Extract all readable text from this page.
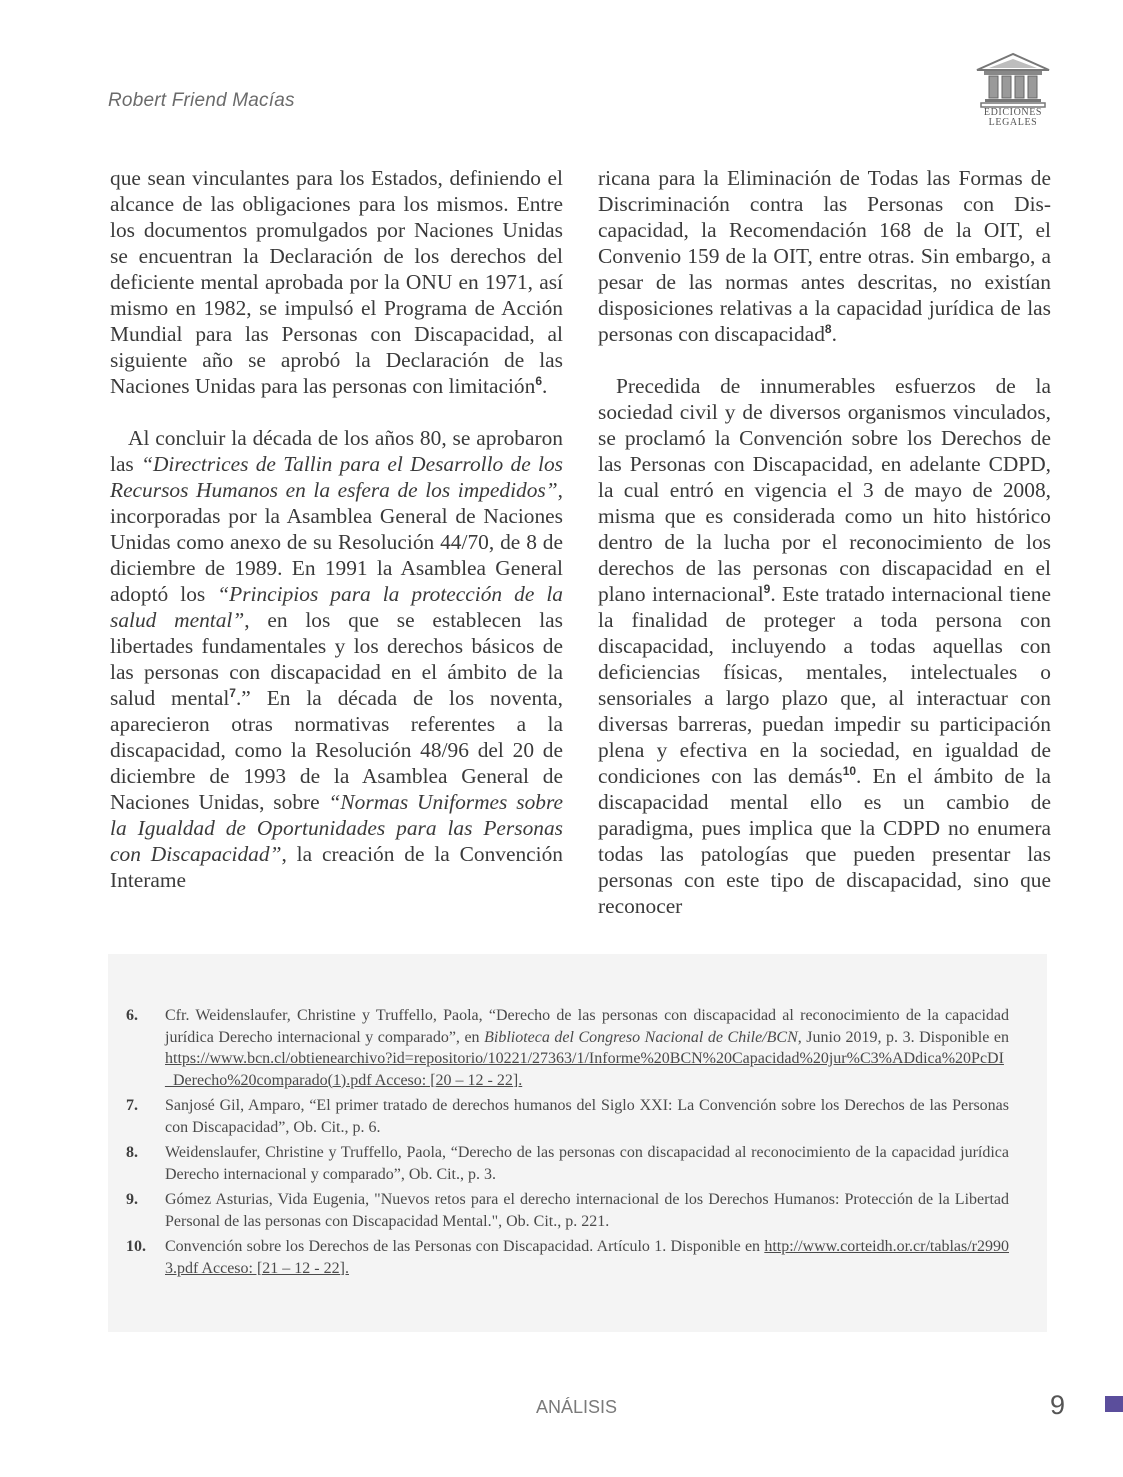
Robert Friend Macías
EDICIONES
LEGALES

que sean vinculantes para los Estados, definiendo el alcance de las obligaciones para los mismos. Entre los documentos promulgados por Naciones Unidas se encuentran la Declaración de los derechos del deficiente mental aprobada por la ONU en 1971, así mismo en 1982, se impulsó el Programa de Acción Mundial para las Personas con Discapacidad, al siguiente año se aprobó la Declaración de las Naciones Unidas para las personas con limitación$^6$.

Al concluir la década de los años 80, se aprobaron las “Directrices de Tallin para el Desarrollo de los Recursos Humanos en la esfera de los impedidos”, incorporadas por la Asamblea General de Naciones Unidas como anexo de su Resolución 44/70, de 8 de diciembre de 1989. En 1991 la Asamblea General adoptó los “Principios para la protección de la salud mental”, en los que se establecen las libertades fundamentales y los derechos básicos de las personas con discapacidad en el ámbito de la salud mental$^7$.” En la década de los noventa, aparecieron otras normativas referentes a la discapacidad, como la Resolución 48/96 del 20 de diciembre de 1993 de la Asamblea General de Naciones Unidas, sobre “Normas Uniformes sobre la Igualdad de Oportunidades para las Personas con Discapacidad”, la creación de la Convención Interame

ricana para la Eliminación de Todas las Formas de Discriminación contra las Personas con Discapacidad, la Recomendación 168 de la OIT, el Convenio 159 de la OIT, entre otras. Sin embargo, a pesar de las normas antes descritas, no existían disposiciones relativas a la capacidad jurídica de las personas con discapacidad$^8$.

Precedida de innumerables esfuerzos de la sociedad civil y de diversos organismos vinculados, se proclamó la Convención sobre los Derechos de las Personas con Discapacidad, en adelante CDPD, la cual entró en vigencia el 3 de mayo de 2008, misma que es considerada como un hito histórico dentro de la lucha por el reconocimiento de los derechos de las personas con discapacidad en el plano internacional$^9$. Este tratado internacional tiene la finalidad de proteger a toda persona con discapacidad, incluyendo a todas aquellas con deficiencias físicas, mentales, intelectuales o sensoriales a largo plazo que, al interactuar con diversas barreras, puedan impedir su participación plena y efectiva en la sociedad, en igualdad de condiciones con las demás$^{10}$. En el ámbito de la discapacidad mental ello es un cambio de paradigma, pues implica que la CDPD no enumera todas las patologías que pueden presentar las personas con este tipo de discapacidad, sino que reconocer

6.	Cfr. Weidenslaufer, Christine y Truffello, Paola, “Derecho de las personas con discapacidad al reconocimiento de la capacidad jurídica Derecho internacional y comparado”, en Biblioteca del Congreso Nacional de Chile/BCN, Junio 2019, p. 3. Disponible en https://www.bcn.cl/obtienearchivo?id=repositorio/10221/27363/1/Informe%20BCN%20Capacidad%20jur%C3%ADdica%20PcDI_Derecho%20comparado(1).pdf Acceso: [20 – 12 - 22].
7.	Sanjosé Gil, Amparo, “El primer tratado de derechos humanos del Siglo XXI: La Convención sobre los Derechos de las Personas con Discapacidad”, Ob. Cit., p. 6.
8.	Weidenslaufer, Christine y Truffello, Paola, “Derecho de las personas con discapacidad al reconocimiento de la capacidad jurídica Derecho internacional y comparado”, Ob. Cit., p. 3.
9.	Gómez Asturias, Vida Eugenia, "Nuevos retos para el derecho internacional de los Derechos Humanos: Protección de la Libertad Personal de las personas con Discapacidad Mental.", Ob. Cit., p. 221.
10.	Convención sobre los Derechos de las Personas con Discapacidad. Artículo 1. Disponible en http://www.corteidh.or.cr/tablas/r29903.pdf Acceso: [21 – 12 - 22].
ANÁLISIS	9
